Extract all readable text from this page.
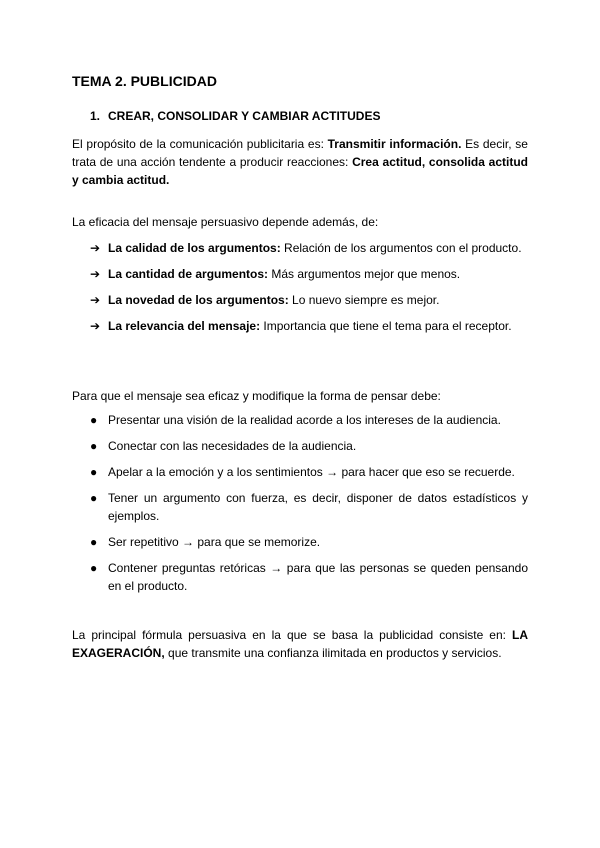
TEMA 2. PUBLICIDAD
1. CREAR, CONSOLIDAR Y CAMBIAR ACTITUDES

El propósito de la comunicación publicitaria es: Transmitir información. Es decir, se trata de una acción tendente a producir reacciones: Crea actitud, consolida actitud y cambia actitud.

La eficacia del mensaje persuasivo depende además, de:

➔ La calidad de los argumentos: Relación de los argumentos con el producto.
➔ La cantidad de argumentos: Más argumentos mejor que menos.
➔ La novedad de los argumentos: Lo nuevo siempre es mejor.
➔ La relevancia del mensaje: Importancia que tiene el tema para el receptor.

Para que el mensaje sea eficaz y modifique la forma de pensar debe:

● Presentar una visión de la realidad acorde a los intereses de la audiencia.
● Conectar con las necesidades de la audiencia.
● Apelar a la emoción y a los sentimientos → para hacer que eso se recuerde.
● Tener un argumento con fuerza, es decir, disponer de datos estadísticos y ejemplos.
● Ser repetitivo → para que se memorize.
● Contener preguntas retóricas → para que las personas se queden pensando en el producto.

La principal fórmula persuasiva en la que se basa la publicidad consiste en: LA EXAGERACIÓN, que transmite una confianza ilimitada en productos y servicios.
